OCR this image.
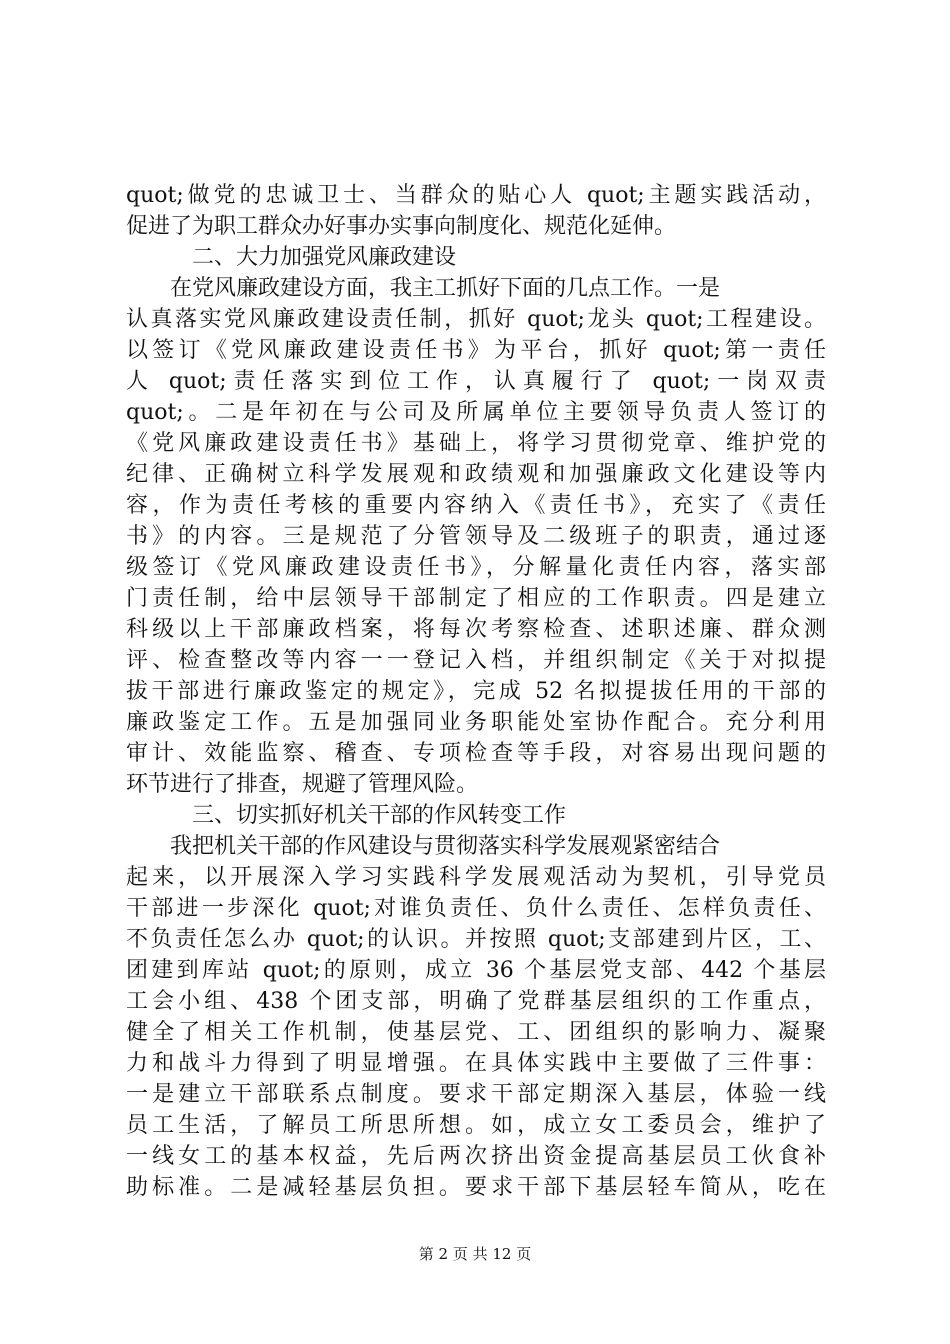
quot;做党的忠诚卫士、当群众的贴心人 quot;主题实践活动，
促进了为职工群众办好事办实事向制度化、规范化延伸。
二、大力加强党风廉政建设
在党风廉政建设方面，我主工抓好下面的几点工作。一是
认真落实党风廉政建设责任制，抓好 quot;龙头 quot;工程建设。
以签订《党风廉政建设责任书》为平台，抓好 quot;第一责任
人 quot;责任落实到位工作，认真履行了 quot;一岗双责
quot;。二是年初在与公司及所属单位主要领导负责人签订的
《党风廉政建设责任书》基础上，将学习贯彻党章、维护党的
纪律、正确树立科学发展观和政绩观和加强廉政文化建设等内
容，作为责任考核的重要内容纳入《责任书》，充实了《责任
书》的内容。三是规范了分管领导及二级班子的职责，通过逐
级签订《党风廉政建设责任书》，分解量化责任内容，落实部
门责任制，给中层领导干部制定了相应的工作职责。四是建立
科级以上干部廉政档案，将每次考察检查、述职述廉、群众测
评、检查整改等内容一一登记入档，并组织制定《关于对拟提
拔干部进行廉政鉴定的规定》，完成 52 名拟提拔任用的干部的
廉政鉴定工作。五是加强同业务职能处室协作配合。充分利用
审计、效能监察、稽查、专项检查等手段，对容易出现问题的
环节进行了排查，规避了管理风险。
三、切实抓好机关干部的作风转变工作
我把机关干部的作风建设与贯彻落实科学发展观紧密结合
起来，以开展深入学习实践科学发展观活动为契机，引导党员
干部进一步深化 quot;对谁负责任、负什么责任、怎样负责任、
不负责任怎么办 quot;的认识。并按照 quot;支部建到片区，工、
团建到库站 quot;的原则，成立 36 个基层党支部、442 个基层
工会小组、438 个团支部，明确了党群基层组织的工作重点，
健全了相关工作机制，使基层党、工、团组织的影响力、凝聚
力和战斗力得到了明显增强。在具体实践中主要做了三件事：
一是建立干部联系点制度。要求干部定期深入基层，体验一线
员工生活，了解员工所思所想。如，成立女工委员会，维护了
一线女工的基本权益，先后两次挤出资金提高基层员工伙食补
助标准。二是减轻基层负担。要求干部下基层轻车简从，吃在
第 2 页 共 12 页
